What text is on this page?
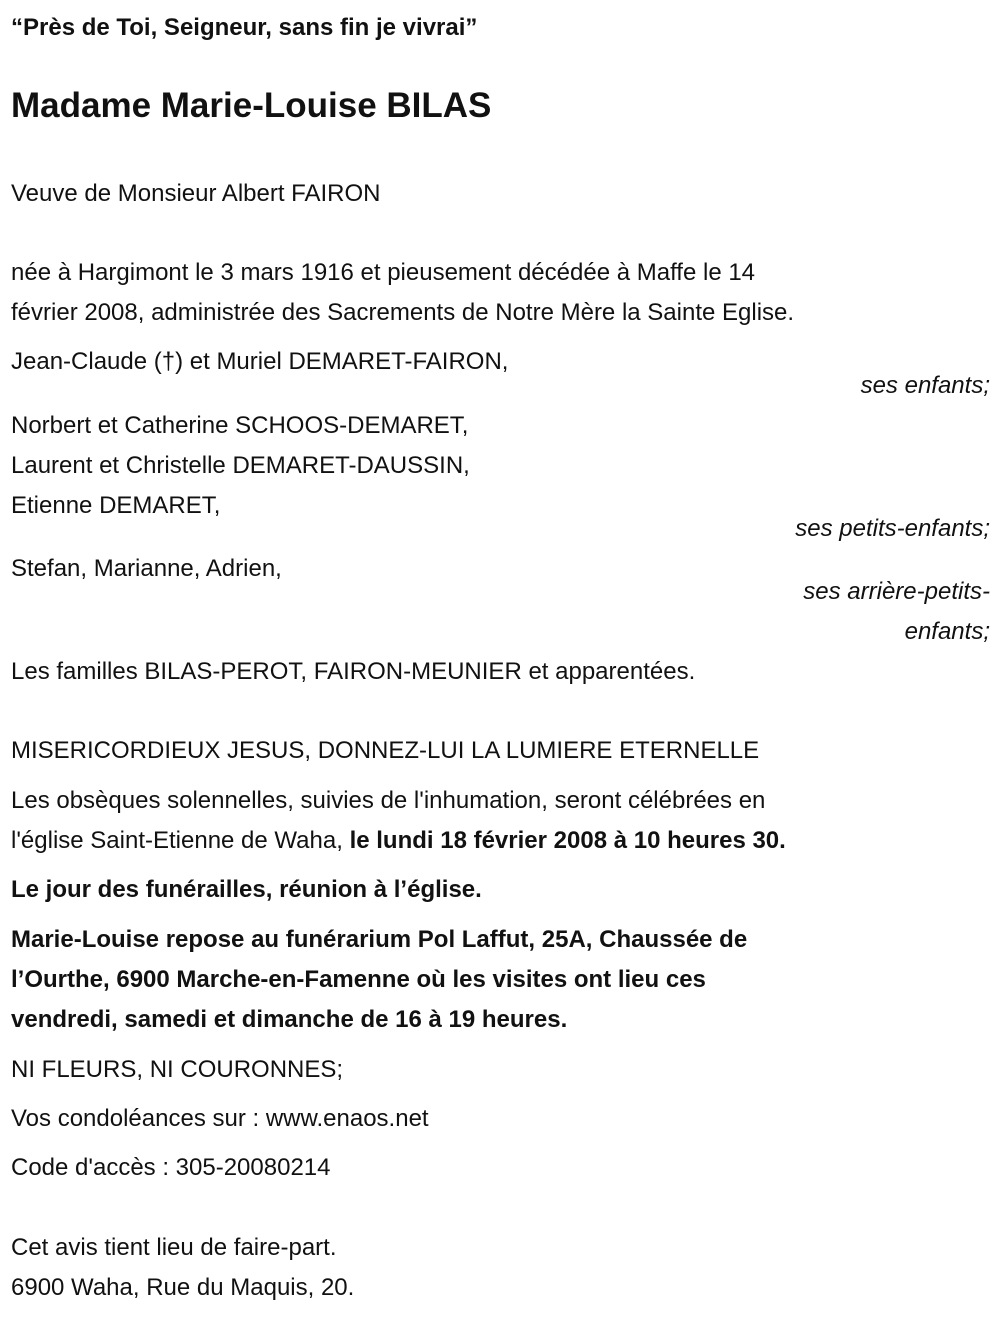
“Près de Toi, Seigneur, sans fin je vivrai”
Madame Marie-Louise BILAS
Veuve de Monsieur Albert FAIRON
née à Hargimont le 3 mars 1916 et pieusement décédée à Maffe le 14
février 2008, administrée des Sacrements de Notre Mère la Sainte Eglise.
Jean-Claude (†) et Muriel DEMARET-FAIRON,
ses enfants;
Norbert et Catherine SCHOOS-DEMARET,
Laurent et Christelle DEMARET-DAUSSIN,
Etienne DEMARET,
ses petits-enfants;
Stefan, Marianne, Adrien,
ses arrière-petits-
enfants;
Les familles BILAS-PEROT, FAIRON-MEUNIER et apparentées.
MISERICORDIEUX JESUS, DONNEZ-LUI LA LUMIERE ETERNELLE
Les obsèques solennelles, suivies de l'inhumation, seront célébrées en
l'église Saint-Etienne de Waha, le lundi 18 février 2008 à 10 heures 30.
Le jour des funérailles, réunion à l’église.
Marie-Louise repose au funérarium Pol Laffut, 25A, Chaussée de
l’Ourthe, 6900 Marche-en-Famenne où les visites ont lieu ces
vendredi, samedi et dimanche de 16 à 19 heures.
NI FLEURS, NI COURONNES;
Vos condoléances sur : www.enaos.net
Code d'accès : 305-20080214
Cet avis tient lieu de faire-part.
6900 Waha, Rue du Maquis, 20.
